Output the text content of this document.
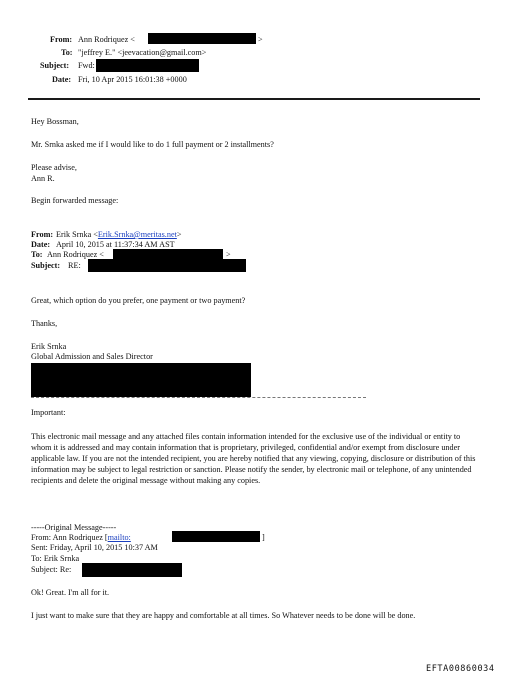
From: Ann Rodriquez <	>
To: "jeffrey E." <jeevacation@gmail.com>
Subject: Fwd:
Date: Fri, 10 Apr 2015 16:01:38 +0000
Hey Bossman,
Mr. Srnka asked me if I would like to do 1 full payment or 2 installments?
Please advise,
Ann R.
Begin forwarded message:
From: Erik Srnka <Erik.Srnka@meritas.net>
Date: April 10, 2015 at 11:37:34 AM AST
To: Ann Rodriquez <	>
Subject: RE:
Great, which option do you prefer, one payment or two payment?
Thanks,
Erik Srnka
Global Admission and Sales Director
Important:
This electronic mail message and any attached files contain information intended for the exclusive use of the individual or entity to whom it is addressed and may contain information that is proprietary, privileged, confidential and/or exempt from disclosure under applicable law. If you are not the intended recipient, you are hereby notified that any viewing, copying, disclosure or distribution of this information may be subject to legal restriction or sanction. Please notify the sender, by electronic mail or telephone, of any unintended recipients and delete the original message without making any copies.
-----Original Message-----
From: Ann Rodriquez [mailto:	]
Sent: Friday, April 10, 2015 10:37 AM
To: Erik Srnka
Subject: Re:
Ok! Great. I'm all for it.
I just want to make sure that they are happy and comfortable at all times. So Whatever needs to be done will be done.
EFTA00860034
